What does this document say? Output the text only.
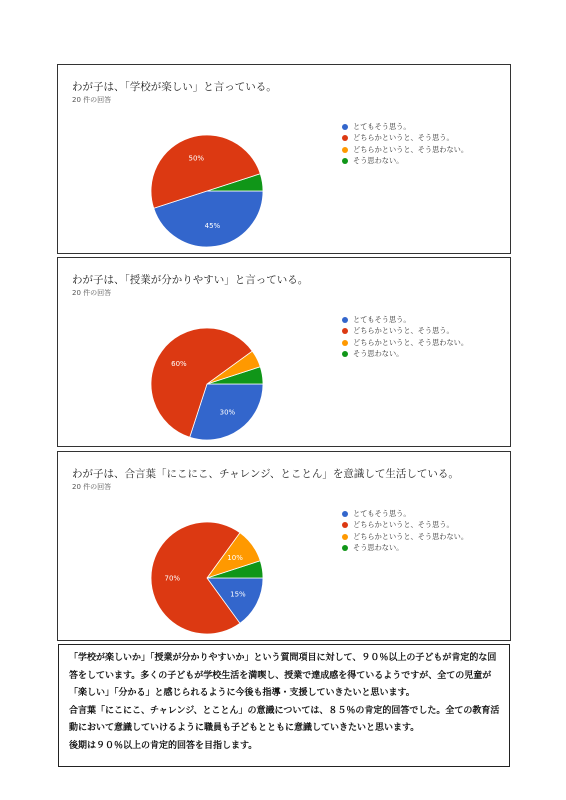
わが子は、「学校が楽しい」と言っている。
20 件の回答
45%
50%
とてもそう思う。
どちらかというと、そう思う。
どちらかというと、そう思わない。
そう思わない。
わが子は、「授業が分かりやすい」と言っている。
20 件の回答
30%
60%
とてもそう思う。
どちらかというと、そう思う。
どちらかというと、そう思わない。
そう思わない。
わが子は、合言葉「にこにこ、チャレンジ、とことん」を意識して生活している。
20 件の回答
15%
10%
70%
とてもそう思う。
どちらかというと、そう思う。
どちらかというと、そう思わない。
そう思わない。

「学校が楽しいか」「授業が分かりやすいか」という質問項目に対して、９０％以上の子どもが肯定的な回答をしています。多くの子どもが学校生活を満喫し、授業で達成感を得ているようですが、全ての児童が「楽しい」「分かる」と感じられるように今後も指導・支援していきたいと思います。

合言葉「にこにこ、チャレンジ、とことん」の意識については、８５％の肯定的回答でした。全ての教育活動において意識していけるように職員も子どもとともに意識していきたいと思います。

後期は９０％以上の肯定的回答を目指します。
